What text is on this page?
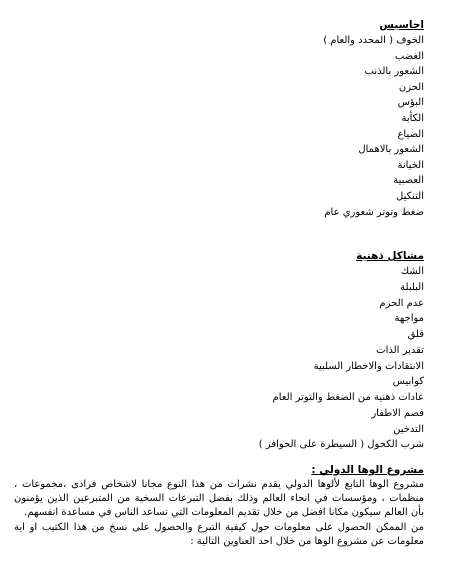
احاسيس
الخوف ( المحدد والعام )
الغضب
الشعور بالذنب
الحزن
البؤس
الكأبة
الضياع
الشعور بالاهمال
الخيانة
العصبية
التنكيل
ضغط وتوتر شعوري عام
مشاكل ذهنية
الشك
البلبلة
عدم الحزم
مواجهة
قلق
تقدير الذات
الانتقادات والاخطار السلبية
كوابيس
عادات ذهنية من الضغط والتوتر العام
فصم الاطفار
التدخين
شرب الكحول ( السيطرة على الحوافز )
مشروع الوها الدولي :

مشروع الوها التابع لألوها الدولي يقدم نشرات من هذا النوع مجانا لاشخاص فرادى ،مجموعات ، منظمات ، ومؤسسات في انحاء العالم وذلك بفضل التبرعات السخية من المتبرعين الذين يؤمنون بأن العالم سيكون مكانا افضل من خلال تقديم المعلومات التي تساعد الناس في مساعدة انفسهم.

من الممكن الحصول على معلومات حول كيفية التبرع والحصول على نسخ من هذا الكتيب او اية معلومات عن مشروع الوها من خلال احد العناوين التالية :
